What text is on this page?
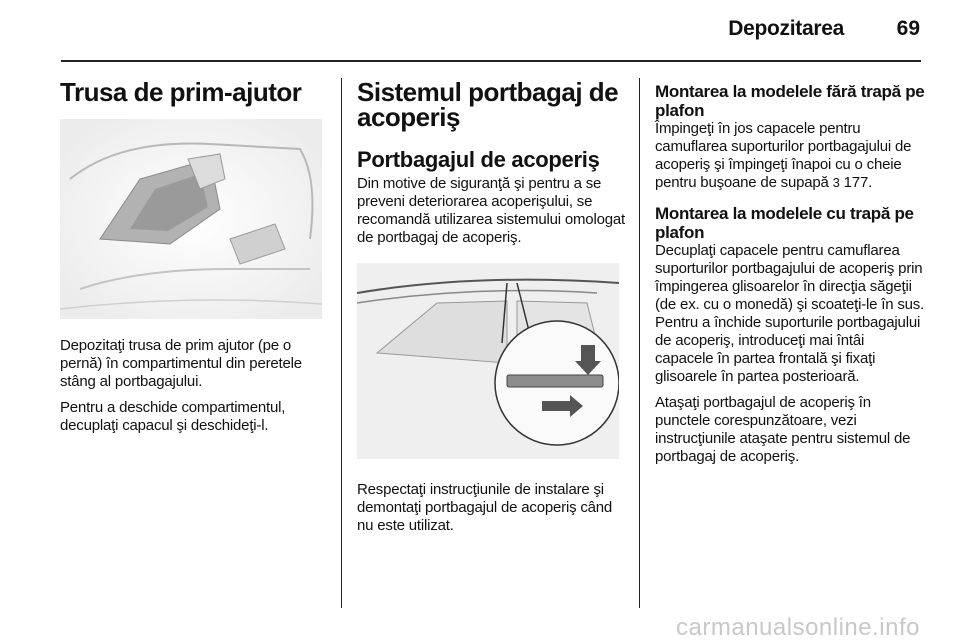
Depozitarea	69
Trusa de prim-ajutor

Depozitaţi trusa de prim ajutor (pe o pernă) în compartimentul din peretele stâng al portbagajului.

Pentru a deschide compartimentul, decuplaţi capacul şi deschideţi-l.

Sistemul portbagaj de acoperiş
Portbagajul de acoperiş

Din motive de siguranţă şi pentru a se preveni deteriorarea acoperişului, se recomandă utilizarea sistemului omologat de portbagaj de acoperiş.

Respectaţi instrucţiunile de instalare şi demontaţi portbagajul de acoperiş când nu este utilizat.

Montarea la modelele fără trapă pe plafon

Împingeţi în jos capacele pentru camuflarea suporturilor portbagajului de acoperiş şi împingeţi înapoi cu o cheie pentru buşoane de supapă 3 177.

Montarea la modelele cu trapă pe plafon

Decuplaţi capacele pentru camuflarea suporturilor portbagajului de acoperiş prin împingerea glisoarelor în direcţia săgeţii (de ex. cu o monedă) şi scoateţi-le în sus. Pentru a închide suporturile portbagajului de acoperiş, introduceţi mai întâi capacele în partea frontală şi fixaţi glisoarele în partea posterioară.

Ataşaţi portbagajul de acoperiş în punctele corespunzătoare, vezi instrucţiunile ataşate pentru sistemul de portbagaj de acoperiş.

carmanualsonline.info
